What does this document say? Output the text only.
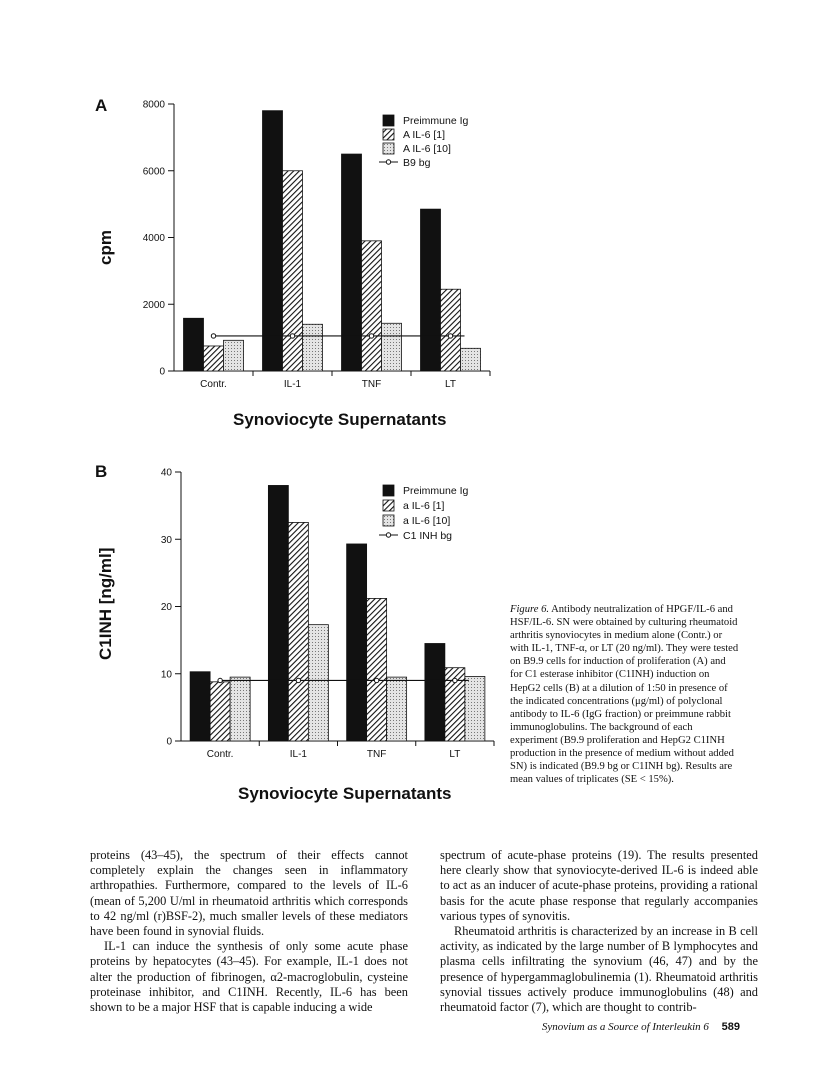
A
B
cpm
C1INH [ng/ml]
Synoviocyte Supernatants
Synoviocyte Supernatants
0
2000
4000
6000
8000
Contr.	IL-1	TNF	LT
Preimmune Ig
A IL-6 [1]
A IL-6 [10]
B9 bg
0
10
20
30
40
Contr.	IL-1	TNF	LT
Preimmune Ig
a IL-6 [1]
a IL-6 [10]
C1 INH bg
Figure 6. Antibody neutralization of HPGF/IL-6 and HSF/IL-6. SN were obtained by culturing rheumatoid arthritis synoviocytes in medium alone (Contr.) or with IL-1, TNF-α, or LT (20 ng/ml). They were tested on B9.9 cells for induction of proliferation (A) and for C1 esterase inhibitor (C1INH) induction on HepG2 cells (B) at a dilution of 1:50 in presence of the indicated concentrations (μg/ml) of polyclonal antibody to IL-6 (IgG fraction) or preimmune rabbit immunoglobulins. The background of each experiment (B9.9 proliferation and HepG2 C1INH production in the presence of medium without added SN) is indicated (B9.9 bg or C1INH bg). Results are mean values of triplicates (SE < 15%).

proteins (43–45), the spectrum of their effects cannot completely explain the changes seen in inflammatory arthropathies. Furthermore, compared to the levels of IL-6 (mean of 5,200 U/ml in rheumatoid arthritis which corresponds to 42 ng/ml (r)BSF-2), much smaller levels of these mediators have been found in synovial fluids.

IL-1 can induce the synthesis of only some acute phase proteins by hepatocytes (43–45). For example, IL-1 does not alter the production of fibrinogen, α2-macroglobulin, cysteine proteinase inhibitor, and C1INH. Recently, IL-6 has been shown to be a major HSF that is capable inducing a wide

spectrum of acute-phase proteins (19). The results presented here clearly show that synoviocyte-derived IL-6 is indeed able to act as an inducer of acute-phase proteins, providing a rational basis for the acute phase response that regularly accompanies various types of synovitis.

Rheumatoid arthritis is characterized by an increase in B cell activity, as indicated by the large number of B lymphocytes and plasma cells infiltrating the synovium (46, 47) and by the presence of hypergammaglobulinemia (1). Rheumatoid arthritis synovial tissues actively produce immunoglobulins (48) and rheumatoid factor (7), which are thought to contrib-

Synovium as a Source of Interleukin 6 589
